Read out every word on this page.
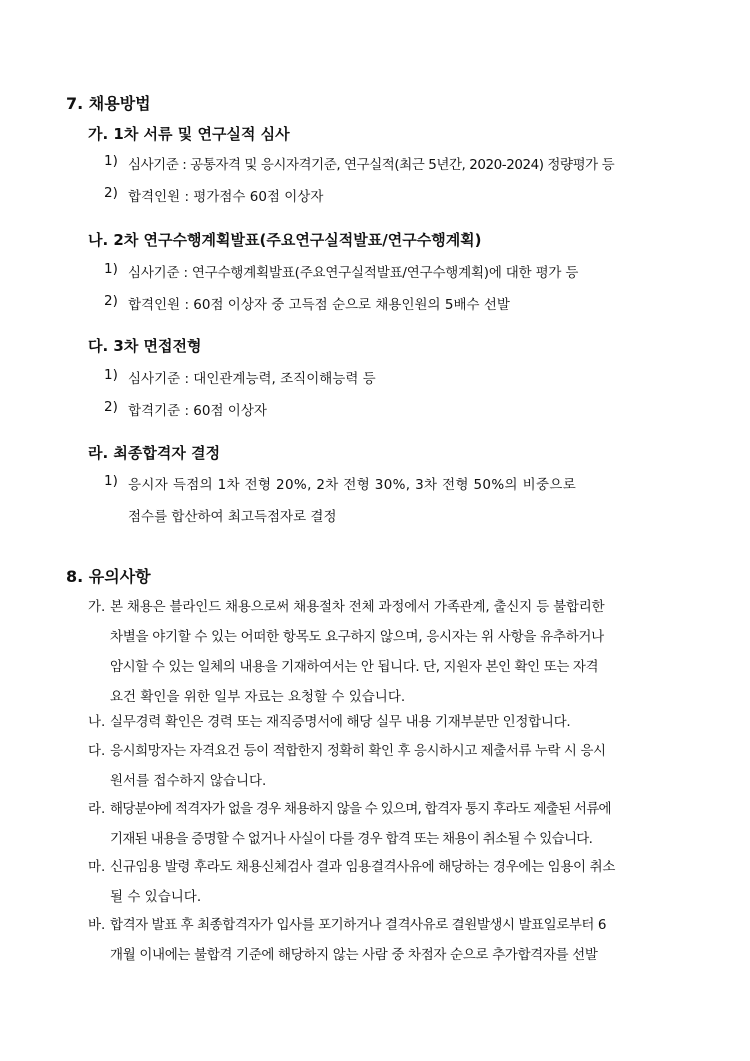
7. 채용방법
가. 1차 서류 및 연구실적 심사
1) 심사기준 : 공통자격 및 응시자격기준, 연구실적(최근 5년간, 2020-2024) 정량평가 등
2) 합격인원 : 평가점수 60점 이상자
나. 2차 연구수행계획발표(주요연구실적발표/연구수행계획)
1) 심사기준 : 연구수행계획발표(주요연구실적발표/연구수행계획)에 대한 평가 등
2) 합격인원 : 60점 이상자 중 고득점 순으로 채용인원의 5배수 선발
다. 3차 면접전형
1) 심사기준 : 대인관계능력, 조직이해능력 등
2) 합격기준 : 60점 이상자
라. 최종합격자 결정
1) 응시자 득점의 1차 전형 20%, 2차 전형 30%, 3차 전형 50%의 비중으로
점수를 합산하여 최고득점자로 결정
8. 유의사항
가. 본 채용은 블라인드 채용으로써 채용절차 전체 과정에서 가족관계, 출신지 등 불합리한
차별을 야기할 수 있는 어떠한 항목도 요구하지 않으며, 응시자는 위 사항을 유추하거나
암시할 수 있는 일체의 내용을 기재하여서는 안 됩니다. 단, 지원자 본인 확인 또는 자격
요건 확인을 위한 일부 자료는 요청할 수 있습니다.
나. 실무경력 확인은 경력 또는 재직증명서에 해당 실무 내용 기재부분만 인정합니다.
다. 응시희망자는 자격요건 등이 적합한지 정확히 확인 후 응시하시고 제출서류 누락 시 응시
원서를 접수하지 않습니다.
라. 해당분야에 적격자가 없을 경우 채용하지 않을 수 있으며, 합격자 통지 후라도 제출된 서류에
기재된 내용을 증명할 수 없거나 사실이 다를 경우 합격 또는 채용이 취소될 수 있습니다.
마. 신규임용 발령 후라도 채용신체검사 결과 임용결격사유에 해당하는 경우에는 임용이 취소
될 수 있습니다.
바. 합격자 발표 후 최종합격자가 입사를 포기하거나 결격사유로 결원발생시 발표일로부터 6
개월 이내에는 불합격 기준에 해당하지 않는 사람 중 차점자 순으로 추가합격자를 선발
